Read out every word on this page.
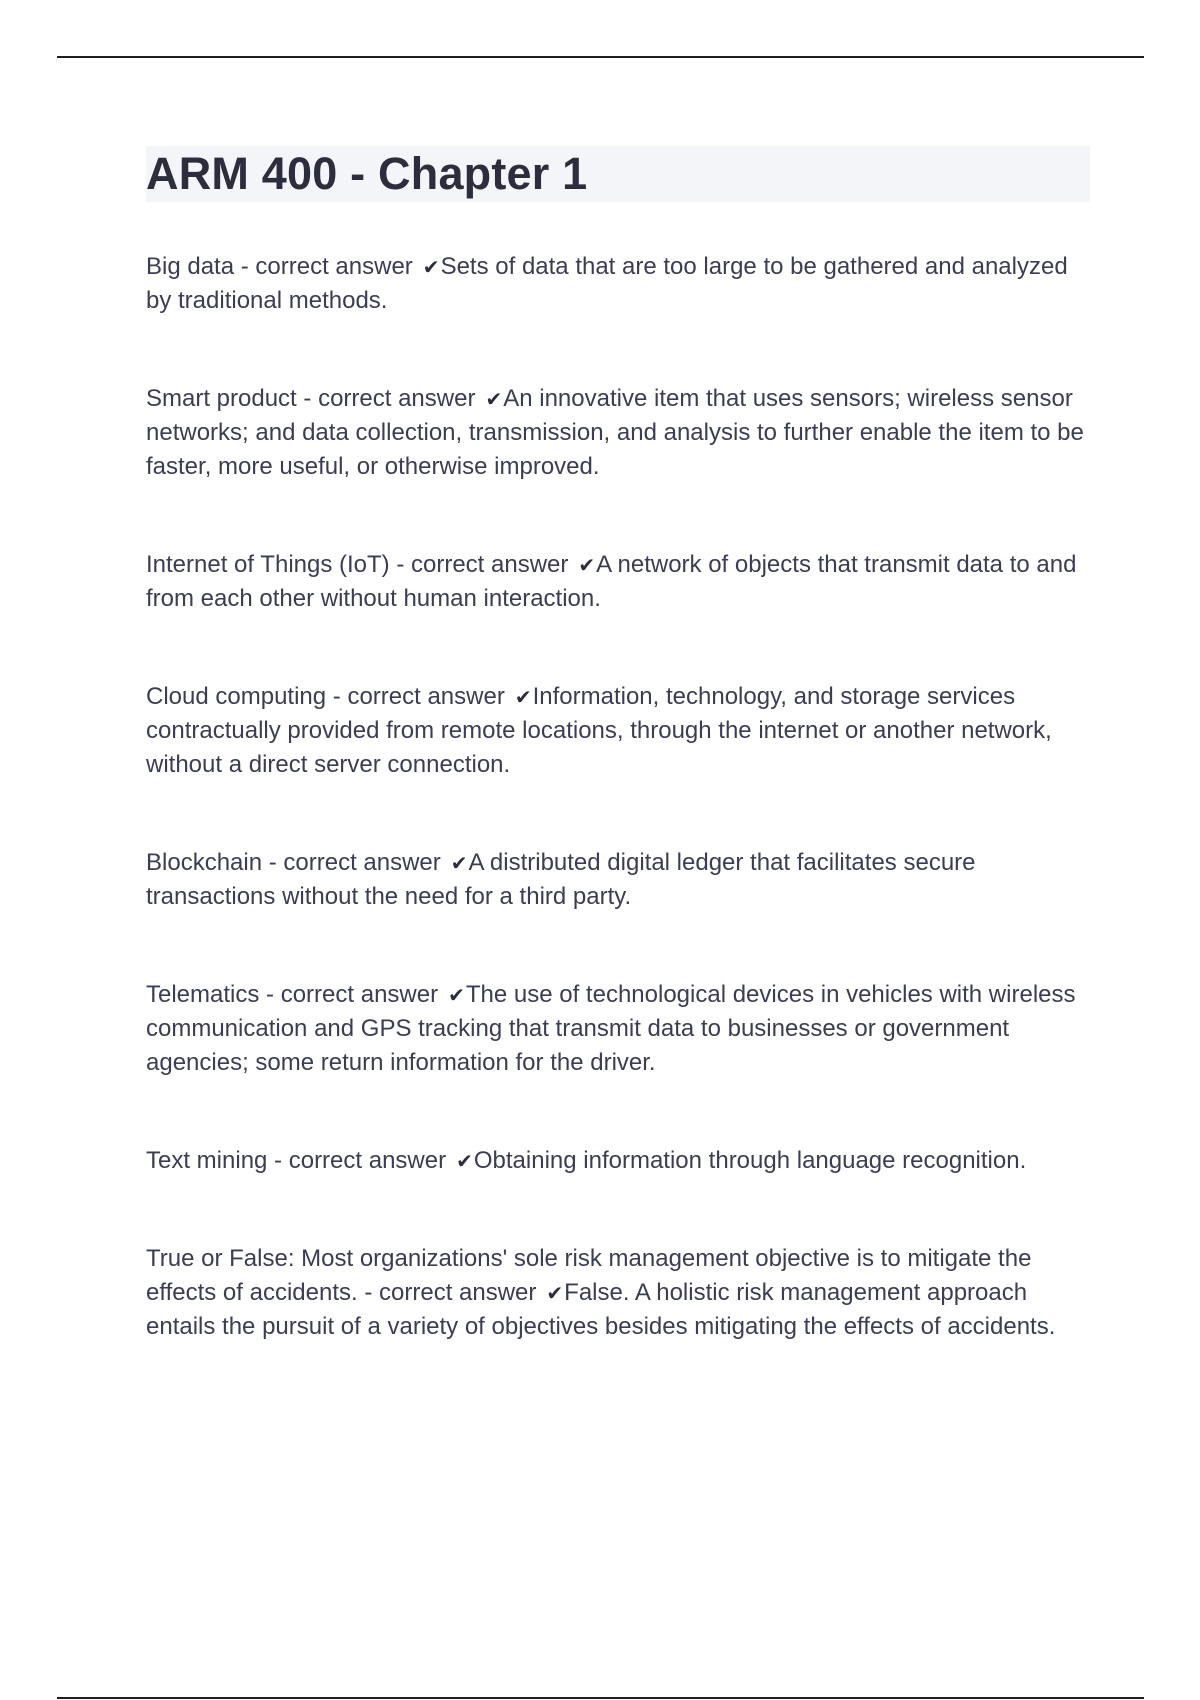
ARM 400 - Chapter 1

Big data - correct answer ✔Sets of data that are too large to be gathered and analyzed by traditional methods.

Smart product - correct answer ✔An innovative item that uses sensors; wireless sensor networks; and data collection, transmission, and analysis to further enable the item to be faster, more useful, or otherwise improved.

Internet of Things (IoT) - correct answer ✔A network of objects that transmit data to and from each other without human interaction.

Cloud computing - correct answer ✔Information, technology, and storage services contractually provided from remote locations, through the internet or another network, without a direct server connection.

Blockchain - correct answer ✔A distributed digital ledger that facilitates secure transactions without the need for a third party.

Telematics - correct answer ✔The use of technological devices in vehicles with wireless communication and GPS tracking that transmit data to businesses or government agencies; some return information for the driver.

Text mining - correct answer ✔Obtaining information through language recognition.

True or False: Most organizations' sole risk management objective is to mitigate the effects of accidents. - correct answer ✔False. A holistic risk management approach entails the pursuit of a variety of objectives besides mitigating the effects of accidents.
